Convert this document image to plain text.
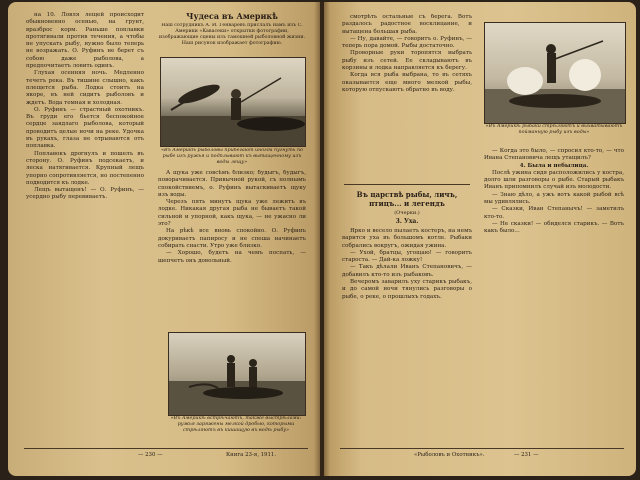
на 10. Ловля лещей происходит обыкновенно осенью, на грунт, вразброс корм. Раньше поплавки протягивали против течения, а чтобы не упускать рыбу, нужно было теперь не возражать. О. Руфинъ не берет съ собою даже рыболова, а предпочитаетъ ловить одинъ.

Глухая осенняя ночь. Медленно течетъ река. Въ тишине слышно, какъ плещется рыба. Лодка стоитъ на якоре, въ ней сидитъ рыболовъ и ждетъ. Вода темная и холодная.

О. Руфинъ — страстный охотникъ. Въ груди его бьется беспокойное сердце заядлаго рыболова, который проводитъ целые ночи на реке. Удочка въ рукахъ, глаза не отрываются отъ поплавка.

Поплавокъ дрогнулъ и пошелъ въ сторону. О. Руфинъ подсекаетъ, и леска натягивается. Крупный лещъ упорно сопротивляется, но постепенно подводится къ лодке.

Лещъ вытащенъ! — О. Руфинъ, — усердно рыбу перевиваетъ.

Чудеса въ Америкѣ
Наш сотрудникъ А. И. Генваревъ прислалъ намъ изъ С. Америки «Кавасеки» открытки фотографии, изображающие сцены изъ тамошней рыболовной жизни. Наш рисунок изображает фотографию.
«Въ Америкѣ рыболовы прибегают иногда пугнуть по рыбе изъ ружья и подплывают къ вытащенному изъ воды лещу»

А щука уже совсѣмъ близко; будыгъ, будыгъ, поворачивается. Привычной рукой, съ полнымъ спокойствиемъ, о. Руфинъ вытаскиваетъ щуку изъ воды.

Черезъ пять минутъ щука уже лежитъ въ лодке. Никакая другая рыба не бываетъ такой сильной и упорной, какъ щука, — не ужасно ли это?

На рѣкѣ все вновь спокойно. О. Руфинъ докуриваетъ папиросу и не спеша начинаетъ собирать снасти. Утро уже близко.

— Хорошо, будетъ на чемъ поспать, — шепчетъ онъ довольный.

«Въ Америкѣ встрѣчаютъ, также выстрѣлами: ружья заряжены мелкой дробью, которыми стрѣляютъ въ кишащую въ водѣ рыбу»
— 230 —	Книга 23-я, 1911.

смотрѣть остальные съ берега. Вотъ раздалось радостное восклицание, и вытащена большая рыба.

— Ну, давайте, — говоритъ о. Руфинъ, — теперь пора домой. Рыбы достаточно.

Проворные руки торопятся выбрать рыбу изъ сетей. Ее складываютъ въ корзины и лодка направляется къ берегу.

Когда вся рыба выбрана, то въ сетяхъ оказывается еще много мелкой рыбы, которую отпускаютъ обратно въ воду.

Въ царствѣ рыбы, личъ, птицъ... и легендъ
(Очерки.)
3. Уха.

Ярко и весело пылаетъ костеръ, на немъ варится уха въ большомъ котле. Рыбаки собрались вокругъ, ожидая ужина.

— Ухой, братцы, угощаю! — говоритъ староста. — Дай-ка ложку!

— Такъ дѣлали Иванъ Степановичъ, — добавилъ кто-то изъ рыбаковъ.

Вечеромъ заварилъ уху старикъ рыбакъ, и до самой ночи тянулись разговоры о рыбе, о реке, о прошлыхъ годахъ.

«Въ Америкѣ рыбаки стрѣляютъ и выхватываютъ пойманную рыбу изъ воды»

— Когда это было, — спросил кто-то, — что Ивана Степановича лещъ утащилъ?

4. Была и небылица.

Послѣ ужина сидя расположились у костра, долго шли разговоры о рыбе. Старый рыбакъ Иванъ припомнилъ случай изъ молодости.

— Знаю дѣло, а ужъ вотъ какой рыбой всѣ мы удивлялись.

— Сказки, Иван Степанычъ! — заметилъ кто-то.

— Не сказки! — обиделся старикъ. — Вотъ какъ было...

«Рыболовъ и Охотникъ».	— 231 —
